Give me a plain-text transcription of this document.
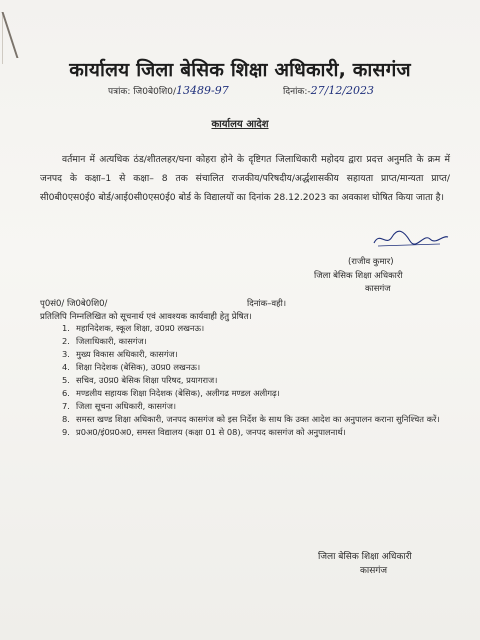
कार्यालय जिला बेसिक शिक्षा अधिकारी, कासगंज
पत्रांक: जि0बे0शि0/13489-97	दिनांक:-27/12/2023
कार्यालय आदेश
वर्तमान में अत्यधिक ठंड/शीतलहर/घना कोहरा होने के दृष्टिगत जिलाधिकारी महोदय द्वारा प्रदत्त अनुमति के क्रम में जनपद के कक्षा–1 से कक्षा– 8 तक संचालित राजकीय/परिषदीय/अर्द्धशासकीय सहायता प्राप्त/मान्यता प्राप्त/सी0बी0एस0ई0 बोर्ड/आई0सी0एस0ई0 बोर्ड के विद्यालयों का दिनांक 28.12.2023 का अवकाश घोषित किया जाता है।
(राजीव कुमार)
जिला बेसिक शिक्षा अधिकारी
कासगंज
पृ0सं0/ जि0बे0शि0/	दिनांक–वही।
प्रतिलिपि निम्नलिखित को सूचनार्थ एवं आवश्यक कार्यवाही हेतु प्रेषित।
1. महानिदेशक, स्कूल शिक्षा, उ0प्र0 लखनऊ।
2. जिलाधिकारी, कासगंज।
3. मुख्य विकास अधिकारी, कासगंज।
4. शिक्षा निदेशक (बेसिक), उ0प्र0 लखनऊ।
5. सचिव, उ0प्र0 बेसिक शिक्षा परिषद, प्रयागराज।
6. मण्डलीय सहायक शिक्षा निदेशक (बेसिक), अलीगढ मण्डल अलीगढ़।
7. जिला सूचना अधिकारी, कासगंज।
8. समस्त खण्ड शिक्षा अधिकारी, जनपद कासगंज को इस निर्देश के साथ कि उक्त आदेश का अनुपालन कराना सुनिश्चित करें।
9. प्र0अ0/इं0प्र0अ0, समस्त विद्यालय (कक्षा 01 से 08), जनपद कासगंज को अनुपालनार्थ।
जिला बेसिक शिक्षा अधिकारी
कासगंज
